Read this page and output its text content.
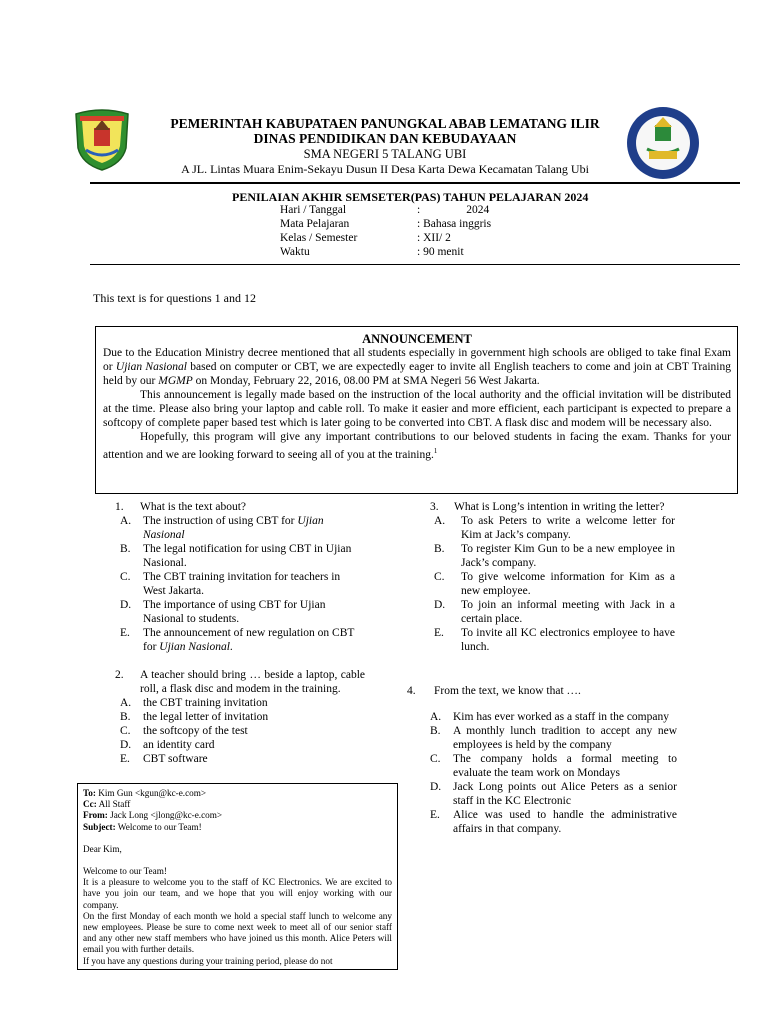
PEMERINTAH KABUPATAEN PANUNGKAL ABAB LEMATANG ILIR
DINAS PENDIDIKAN DAN KEBUDAYAAN
SMA NEGERI 5 TALANG UBI
A JL. Lintas Muara Enim-Sekayu Dusun II Desa Karta Dewa Kecamatan Talang Ubi
PENILAIAN AKHIR SEMSETER(PAS) TAHUN PELAJARAN 2024
Hari / Tanggal	:                2024
Mata Pelajaran	: Bahasa inggris
Kelas / Semester	: XII/ 2
Waktu	: 90 menit
This text is for questions 1 and 12
ANNOUNCEMENT

Due to the Education Ministry decree mentioned that all students especially in government high schools are obliged to take final Exam or Ujian Nasional based on computer or CBT, we are expectedly eager to invite all English teachers to come and join at CBT Training held by our MGMP on Monday, February 22, 2016, 08.00 PM at SMA Negeri 56 West Jakarta.

This announcement is legally made based on the instruction of the local authority and the official invitation will be distributed at the time. Please also bring your laptop and cable roll. To make it easier and more efficient, each participant is expected to prepare a softcopy of complete paper based test which is later going to be converted into CBT. A flask disc and modem will be necessary also.

Hopefully, this program will give any important contributions to our beloved students in facing the exam. Thanks for your attention and we are looking forward to seeing all of you at the training.$^1$

1. What is the text about?
A. The instruction of using CBT for Ujian Nasional
B. The legal notification for using CBT in Ujian Nasional.
C. The CBT training invitation for teachers in West Jakarta.
D. The importance of using CBT for Ujian Nasional to students.
E. The announcement of new regulation on CBT for Ujian Nasional.
2. A teacher should bring … beside a laptop, cable roll, a flask disc and modem in the training.
A. the CBT training invitation
B. the legal letter of invitation
C. the softcopy of the test
D. an identity card
E. CBT software
To: Kim Gun <kgun@kc-e.com>
Cc: All Staff
From: Jack Long <jlong@kc-e.com>
Subject: Welcome to our Team!
Dear Kim,
Welcome to our Team!

It is a pleasure to welcome you to the staff of KC Electronics. We are excited to have you join our team, and we hope that you will enjoy working with our company.

On the first Monday of each month we hold a special staff lunch to welcome any new employees. Please be sure to come next week to meet all of our senior staff and any other new staff members who have joined us this month. Alice Peters will email you with further details.

If you have any questions during your training period, please do not

3. What is Long’s intention in writing the letter?
A. To ask Peters to write a welcome letter for Kim at Jack’s company.
B. To register Kim Gun to be a new employee in Jack’s company.
C. To give welcome information for Kim as a new employee.
D. To join an informal meeting with Jack in a certain place.
E. To invite all KC electronics employee to have lunch.
4. From the text, we know that ….
A. Kim has ever worked as a staff in the company
B. A monthly lunch tradition to accept any new employees is held by the company
C. The company holds a formal meeting to evaluate the team work on Mondays
D. Jack Long points out Alice Peters as a senior staff in the KC Electronic
E. Alice was used to handle the administrative affairs in that company.
